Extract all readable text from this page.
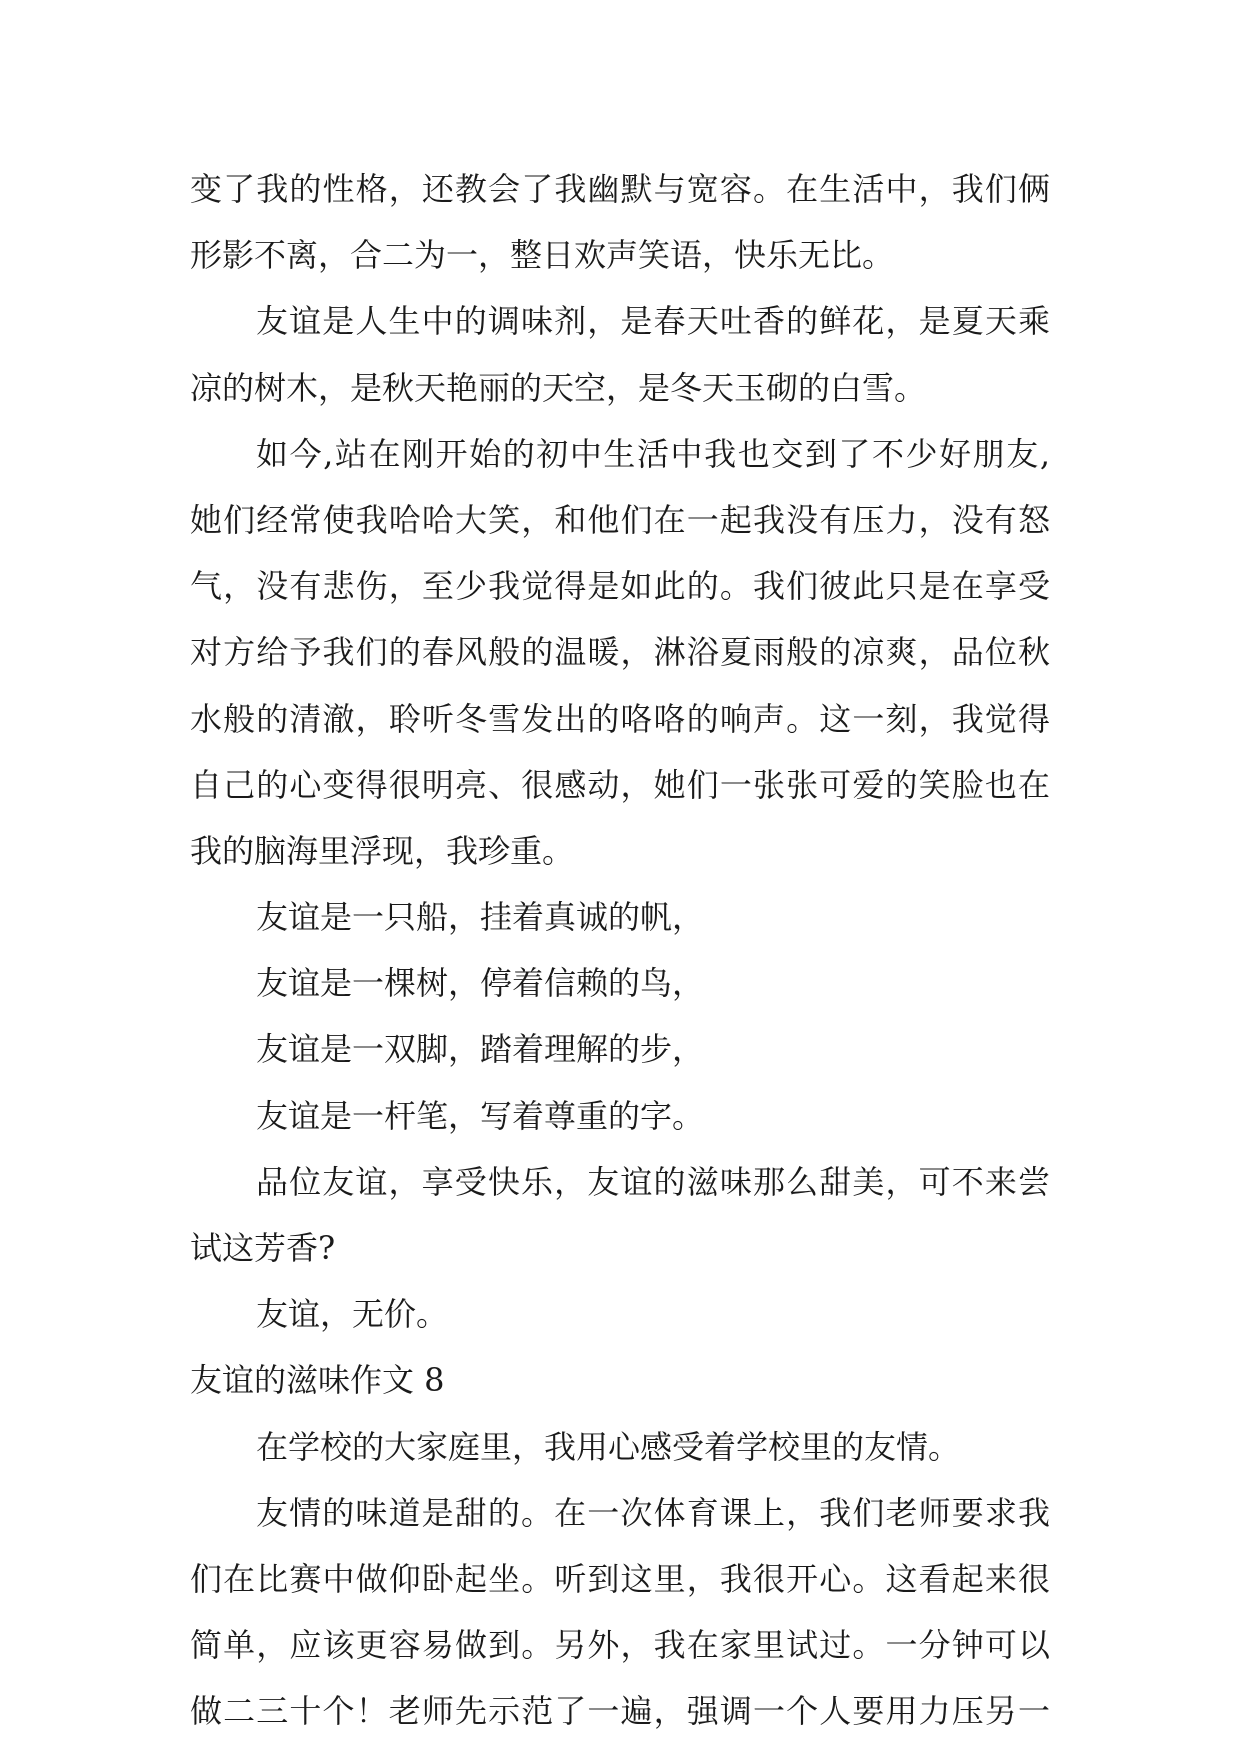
变了我的性格，还教会了我幽默与宽容。在生活中，我们俩
形影不离，合二为一，整日欢声笑语，快乐无比。
友谊是人生中的调味剂，是春天吐香的鲜花，是夏天乘
凉的树木，是秋天艳丽的天空，是冬天玉砌的白雪。
如今,站在刚开始的初中生活中我也交到了不少好朋友,
她们经常使我哈哈大笑，和他们在一起我没有压力，没有怒
气，没有悲伤，至少我觉得是如此的。我们彼此只是在享受
对方给予我们的春风般的温暖，淋浴夏雨般的凉爽，品位秋
水般的清澈，聆听冬雪发出的咯咯的响声。这一刻，我觉得
自己的心变得很明亮、很感动，她们一张张可爱的笑脸也在
我的脑海里浮现，我珍重。
友谊是一只船，挂着真诚的帆，
友谊是一棵树，停着信赖的鸟，
友谊是一双脚，踏着理解的步，
友谊是一杆笔，写着尊重的字。
品位友谊，享受快乐，友谊的滋味那么甜美，可不来尝
试这芳香?
友谊，无价。
友谊的滋味作文 8
在学校的大家庭里，我用心感受着学校里的友情。
友情的味道是甜的。在一次体育课上，我们老师要求我
们在比赛中做仰卧起坐。听到这里，我很开心。这看起来很
简单，应该更容易做到。另外，我在家里试过。一分钟可以
做二三十个！老师先示范了一遍，强调一个人要用力压另一
